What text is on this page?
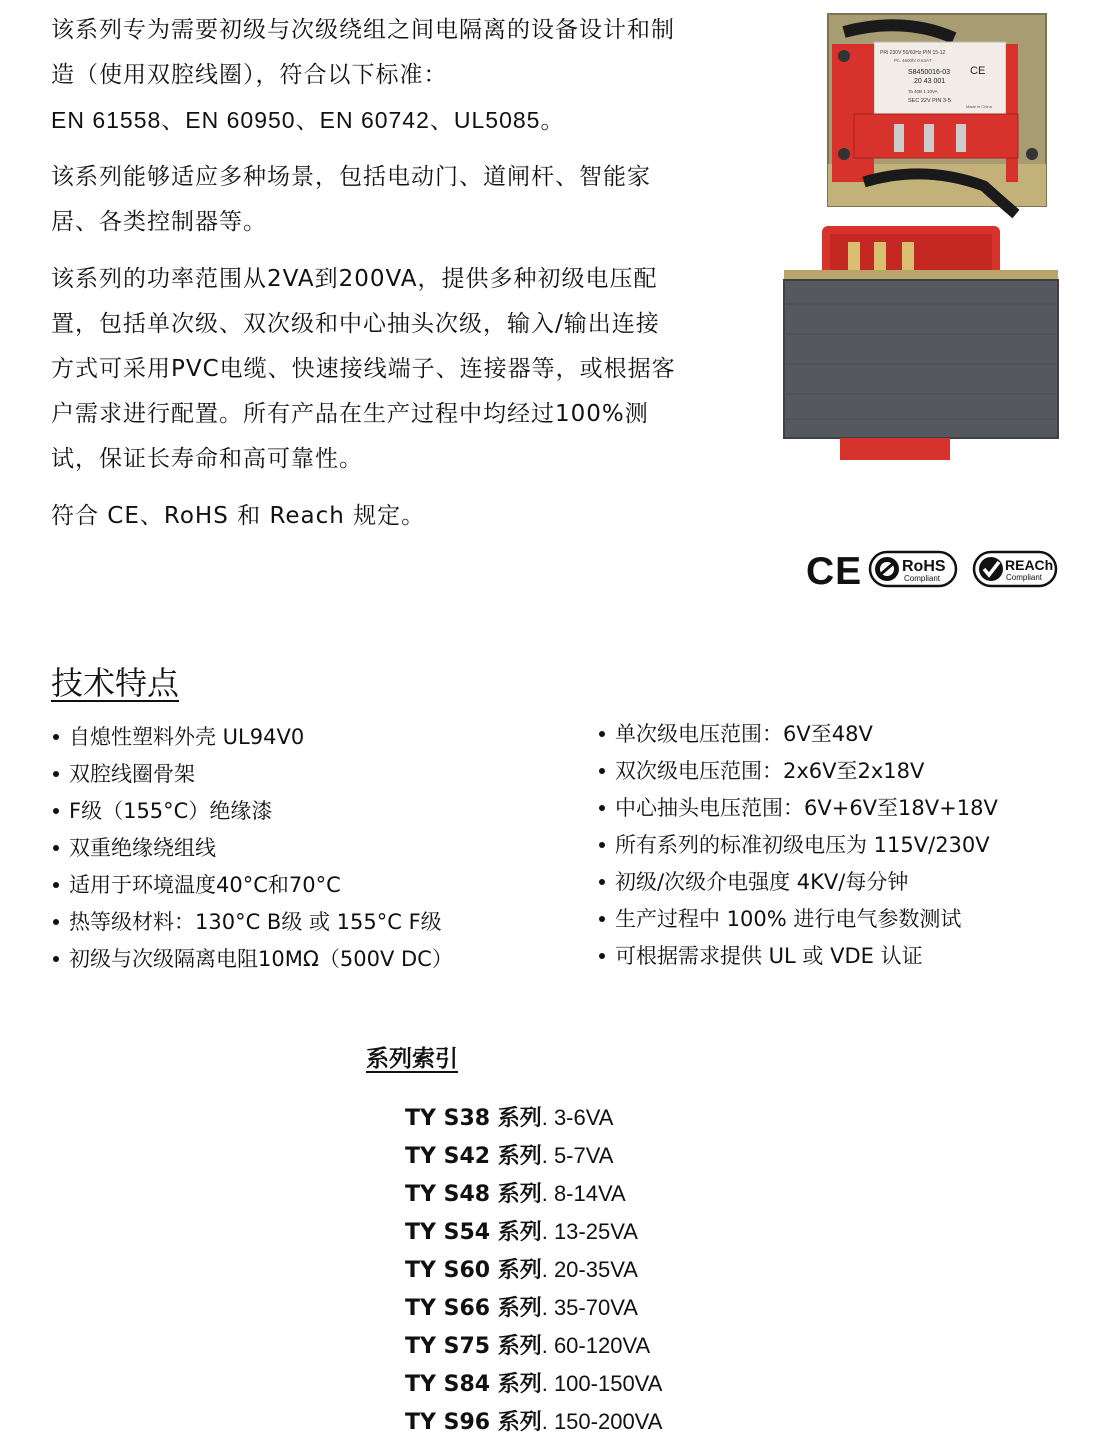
该系列专为需要初级与次级绕组之间电隔离的设备设计和制
造（使用双腔线圈），符合以下标准：
EN 61558、EN 60950、EN 60742、UL5085。
该系列能够适应多种场景，包括电动门、道闸杆、智能家
居、各类控制器等。
该系列的功率范围从2VA到200VA，提供多种初级电压配
置，包括单次级、双次级和中心抽头次级，输入/输出连接
方式可采用PVC电缆、快速接线端子、连接器等，或根据客
户需求进行配置。所有产品在生产过程中均经过100%测
试，保证长寿命和高可靠性。
符合 CE、RoHS 和 Reach 规定。
PRI 230V 50/60Hz PIN 15-12
Pri. 4600hr 0.63AT
S8450016-03 CE
20 43 001
Ta 40B 1 10VA
SEC 22V PIN 3-5
Made in China
CE RoHS
Compliant
REACh
Compliant
技术特点
自熄性塑料外壳 UL94V0
双腔线圈骨架
F级（155°C）绝缘漆
双重绝缘绕组线
适用于环境温度40°C和70°C
热等级材料：130°C B级 或 155°C F级
初级与次级隔离电阻10MΩ（500V DC）
单次级电压范围：6V至48V
双次级电压范围：2x6V至2x18V
中心抽头电压范围：6V+6V至18V+18V
所有系列的标准初级电压为 115V/230V
初级/次级介电强度 4KV/每分钟
生产过程中 100% 进行电气参数测试
可根据需求提供 UL 或 VDE 认证
系列索引
TY S38 系列. 3-6VA
TY S42 系列. 5-7VA
TY S48 系列. 8-14VA
TY S54 系列. 13-25VA
TY S60 系列. 20-35VA
TY S66 系列. 35-70VA
TY S75 系列. 60-120VA
TY S84 系列. 100-150VA
TY S96 系列. 150-200VA
